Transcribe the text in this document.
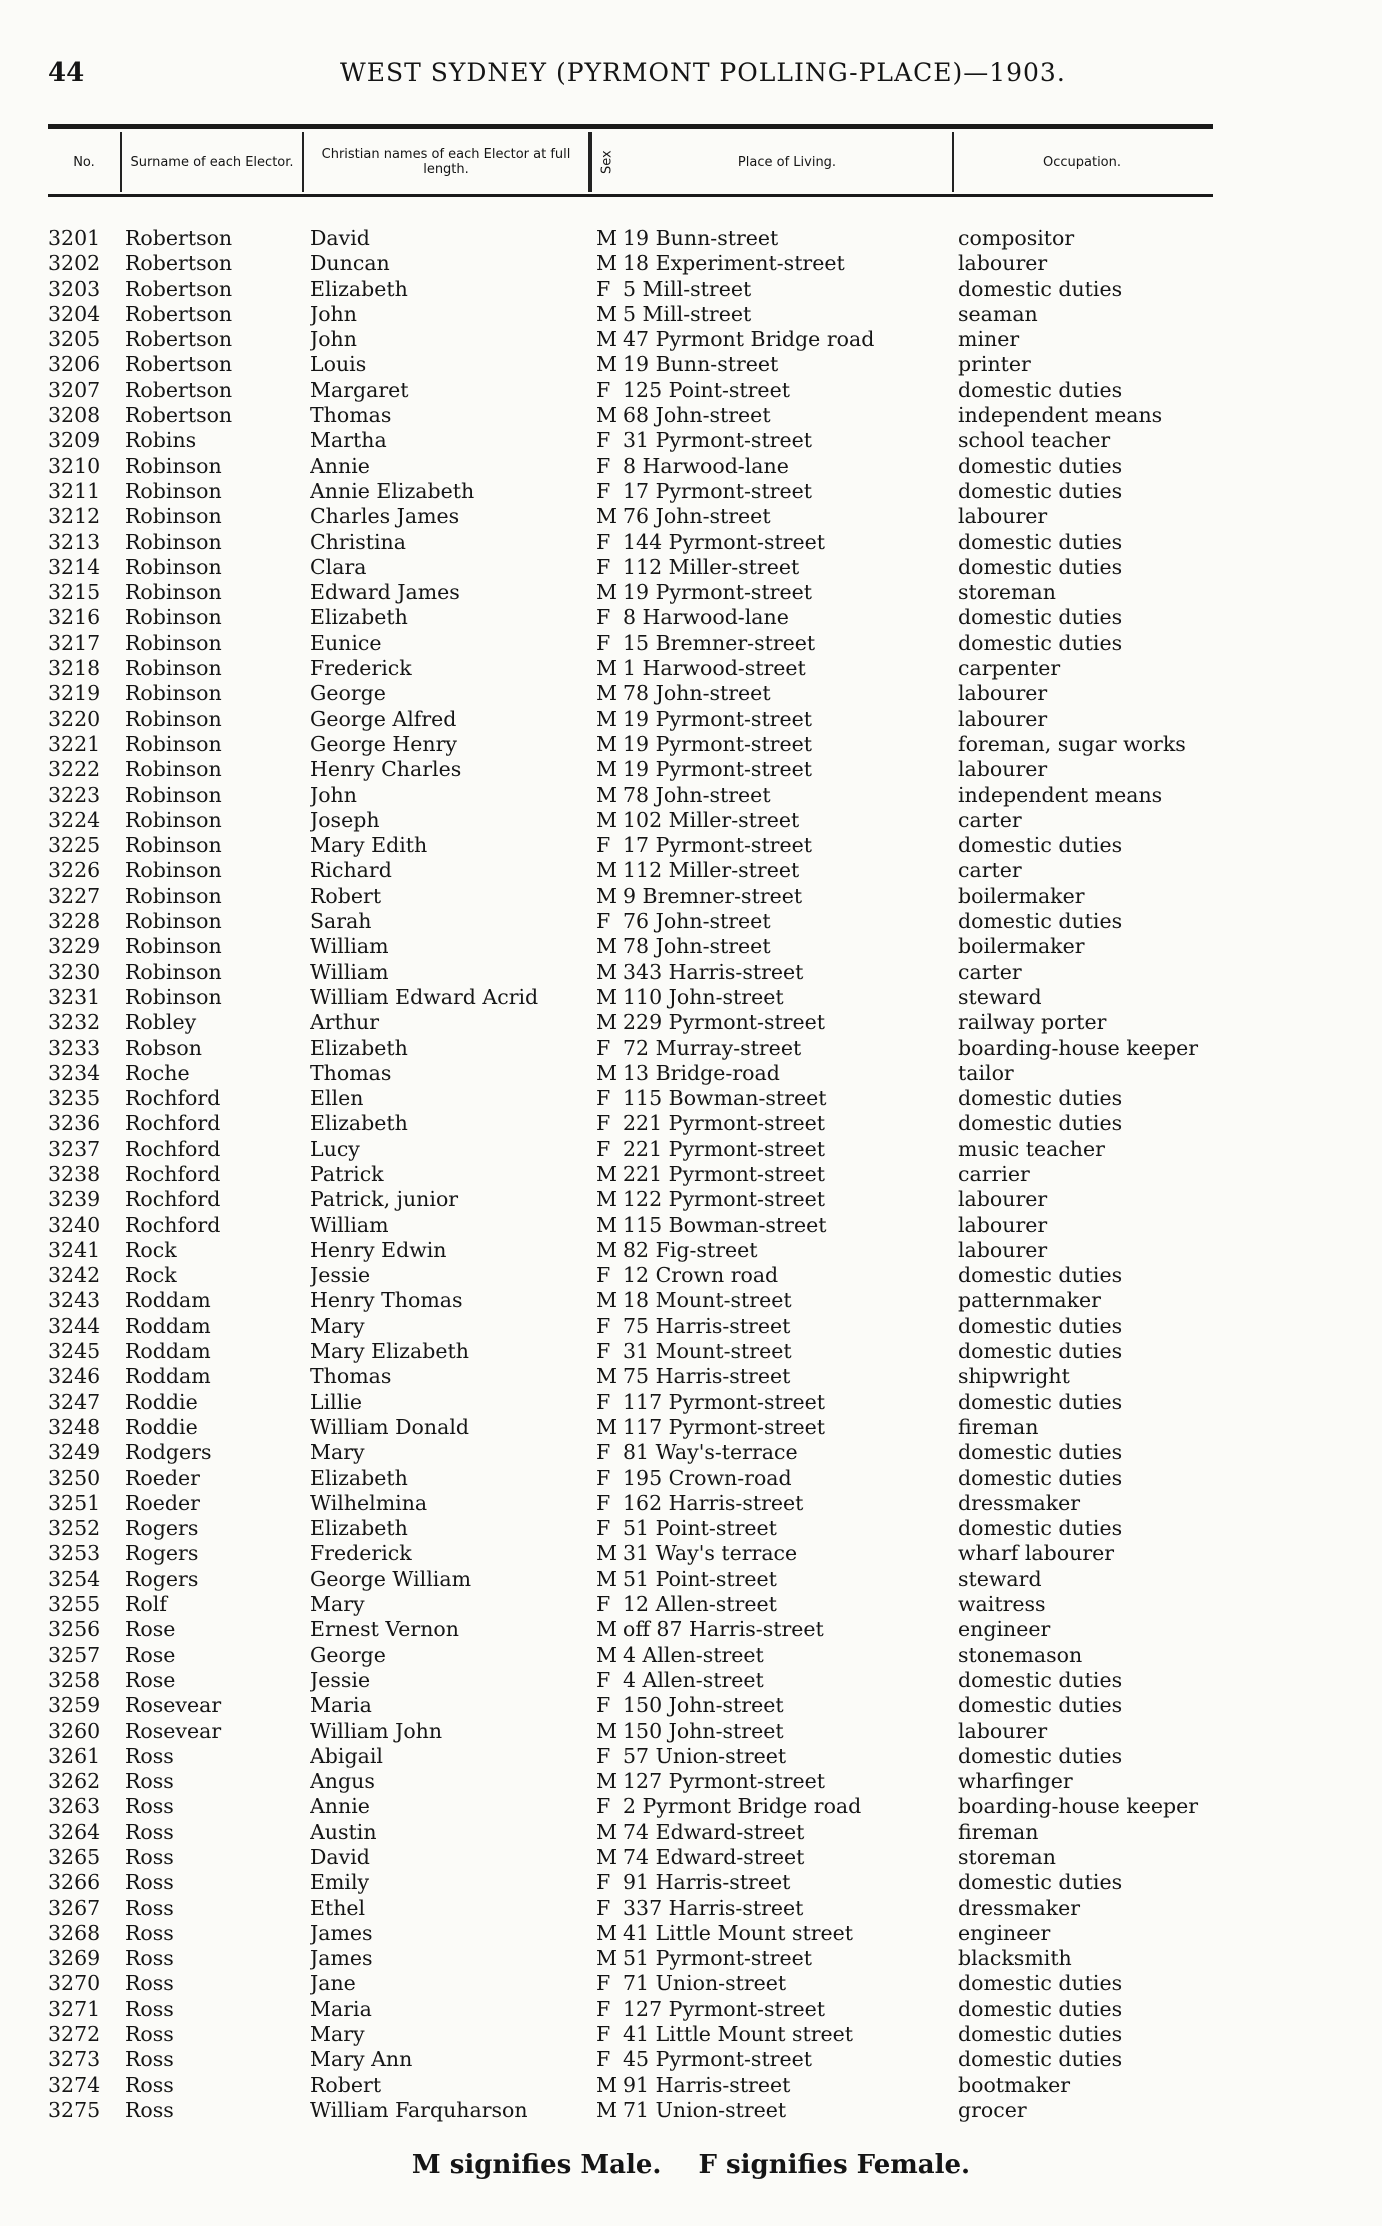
44	WEST SYDNEY (PYRMONT POLLING-PLACE)—1903.
No.	Surname of each Elector.	Christian names of each Elector at full length.	Sex	Place of Living.	Occupation.
3201	Robertson	David	M 19 Bunn-street	compositor
3202	Robertson	Duncan	M 18 Experiment-street	labourer
3203	Robertson	Elizabeth	F 5 Mill-street	domestic duties
3204	Robertson	John	M 5 Mill-street	seaman
3205	Robertson	John	M 47 Pyrmont Bridge road	miner
3206	Robertson	Louis	M 19 Bunn-street	printer
3207	Robertson	Margaret	F 125 Point-street	domestic duties
3208	Robertson	Thomas	M 68 John-street	independent means
3209	Robins	Martha	F 31 Pyrmont-street	school teacher
3210	Robinson	Annie	F 8 Harwood-lane	domestic duties
3211	Robinson	Annie Elizabeth	F 17 Pyrmont-street	domestic duties
3212	Robinson	Charles James	M 76 John-street	labourer
3213	Robinson	Christina	F 144 Pyrmont-street	domestic duties
3214	Robinson	Clara	F 112 Miller-street	domestic duties
3215	Robinson	Edward James	M 19 Pyrmont-street	storeman
3216	Robinson	Elizabeth	F 8 Harwood-lane	domestic duties
3217	Robinson	Eunice	F 15 Bremner-street	domestic duties
3218	Robinson	Frederick	M 1 Harwood-street	carpenter
3219	Robinson	George	M 78 John-street	labourer
3220	Robinson	George Alfred	M 19 Pyrmont-street	labourer
3221	Robinson	George Henry	M 19 Pyrmont-street	foreman, sugar works
3222	Robinson	Henry Charles	M 19 Pyrmont-street	labourer
3223	Robinson	John	M 78 John-street	independent means
3224	Robinson	Joseph	M 102 Miller-street	carter
3225	Robinson	Mary Edith	F 17 Pyrmont-street	domestic duties
3226	Robinson	Richard	M 112 Miller-street	carter
3227	Robinson	Robert	M 9 Bremner-street	boilermaker
3228	Robinson	Sarah	F 76 John-street	domestic duties
3229	Robinson	William	M 78 John-street	boilermaker
3230	Robinson	William	M 343 Harris-street	carter
3231	Robinson	William Edward Acrid	M 110 John-street	steward
3232	Robley	Arthur	M 229 Pyrmont-street	railway porter
3233	Robson	Elizabeth	F 72 Murray-street	boarding-house keeper
3234	Roche	Thomas	M 13 Bridge-road	tailor
3235	Rochford	Ellen	F 115 Bowman-street	domestic duties
3236	Rochford	Elizabeth	F 221 Pyrmont-street	domestic duties
3237	Rochford	Lucy	F 221 Pyrmont-street	music teacher
3238	Rochford	Patrick	M 221 Pyrmont-street	carrier
3239	Rochford	Patrick, junior	M 122 Pyrmont-street	labourer
3240	Rochford	William	M 115 Bowman-street	labourer
3241	Rock	Henry Edwin	M 82 Fig-street	labourer
3242	Rock	Jessie	F 12 Crown road	domestic duties
3243	Roddam	Henry Thomas	M 18 Mount-street	patternmaker
3244	Roddam	Mary	F 75 Harris-street	domestic duties
3245	Roddam	Mary Elizabeth	F 31 Mount-street	domestic duties
3246	Roddam	Thomas	M 75 Harris-street	shipwright
3247	Roddie	Lillie	F 117 Pyrmont-street	domestic duties
3248	Roddie	William Donald	M 117 Pyrmont-street	fireman
3249	Rodgers	Mary	F 81 Way's-terrace	domestic duties
3250	Roeder	Elizabeth	F 195 Crown-road	domestic duties
3251	Roeder	Wilhelmina	F 162 Harris-street	dressmaker
3252	Rogers	Elizabeth	F 51 Point-street	domestic duties
3253	Rogers	Frederick	M 31 Way's terrace	wharf labourer
3254	Rogers	George William	M 51 Point-street	steward
3255	Rolf	Mary	F 12 Allen-street	waitress
3256	Rose	Ernest Vernon	M off 87 Harris-street	engineer
3257	Rose	George	M 4 Allen-street	stonemason
3258	Rose	Jessie	F 4 Allen-street	domestic duties
3259	Rosevear	Maria	F 150 John-street	domestic duties
3260	Rosevear	William John	M 150 John-street	labourer
3261	Ross	Abigail	F 57 Union-street	domestic duties
3262	Ross	Angus	M 127 Pyrmont-street	wharfinger
3263	Ross	Annie	F 2 Pyrmont Bridge road	boarding-house keeper
3264	Ross	Austin	M 74 Edward-street	fireman
3265	Ross	David	M 74 Edward-street	storeman
3266	Ross	Emily	F 91 Harris-street	domestic duties
3267	Ross	Ethel	F 337 Harris-street	dressmaker
3268	Ross	James	M 41 Little Mount street	engineer
3269	Ross	James	M 51 Pyrmont-street	blacksmith
3270	Ross	Jane	F 71 Union-street	domestic duties
3271	Ross	Maria	F 127 Pyrmont-street	domestic duties
3272	Ross	Mary	F 41 Little Mount street	domestic duties
3273	Ross	Mary Ann	F 45 Pyrmont-street	domestic duties
3274	Ross	Robert	M 91 Harris-street	bootmaker
3275	Ross	William Farquharson	M 71 Union-street	grocer
M signifies Male. F signifies Female.
